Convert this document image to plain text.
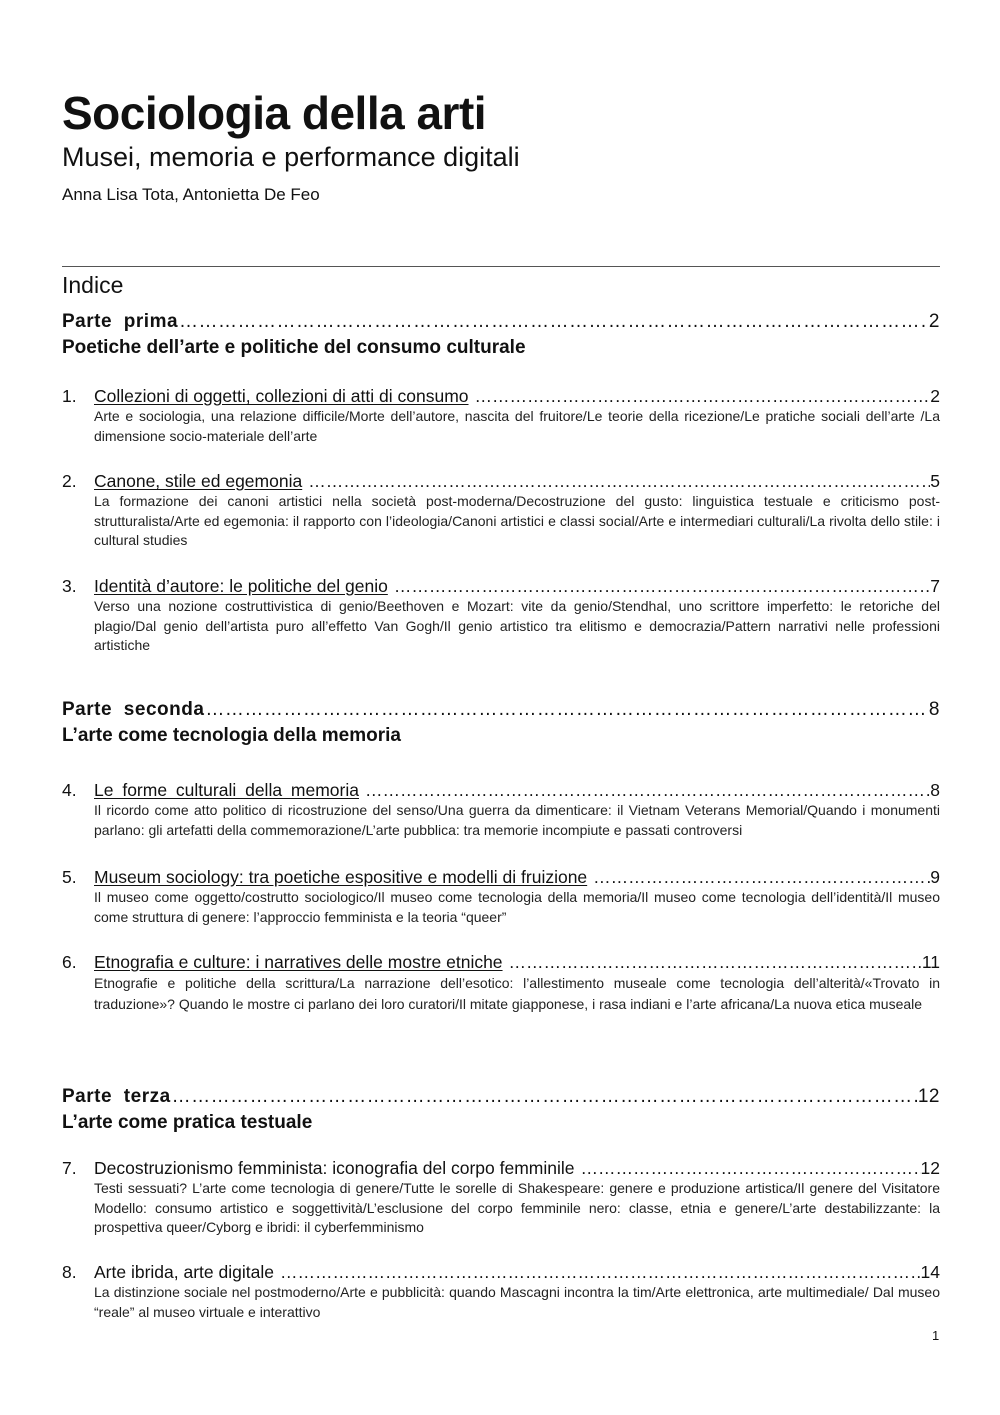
Sociologia della arti
Musei, memoria e performance digitali

Anna Lisa Tota, Antonietta De Feo

Indice

Parte prima ……………………………………………………………………………………………………………………………………………………………………………………	2
Poetiche dell’arte e politiche del consumo culturale
1. Collezioni di oggetti, collezioni di atti di consumo ……………………………………………………………………………………………………………………………………………………………………………………	2
Arte e sociologia, una relazione difficile/Morte dell’autore, nascita del fruitore/Le teorie della ricezione/Le pratiche sociali dell’arte /La dimensione socio-materiale dell’arte
2. Canone, stile ed egemonia ……………………………………………………………………………………………………………………………………………………………………………………	5
La formazione dei canoni artistici nella società post-moderna/Decostruzione del gusto: linguistica testuale e criticismo post-strutturalista/Arte ed egemonia: il rapporto con l’ideologia/Canoni artistici e classi social/Arte e intermediari culturali/La rivolta dello stile: i cultural studies
3. Identità d’autore: le politiche del genio ……………………………………………………………………………………………………………………………………………………………………………………	7
Verso una nozione costruttivistica di genio/Beethoven e Mozart: vite da genio/Stendhal, uno scrittore imperfetto: le retoriche del plagio/Dal genio dell’artista puro all’effetto Van Gogh/Il genio artistico tra elitismo e democrazia/Pattern narrativi nelle professioni artistiche
Parte seconda ……………………………………………………………………………………………………………………………………………………………………………………	8
L’arte come tecnologia della memoria
4. Le forme culturali della memoria ……………………………………………………………………………………………………………………………………………………………………………………	8
Il ricordo come atto politico di ricostruzione del senso/Una guerra da dimenticare: il Vietnam Veterans Memorial/Quando i monumenti parlano: gli artefatti della commemorazione/L’arte pubblica: tra memorie incompiute e passati controversi
5. Museum sociology: tra poetiche espositive e modelli di fruizione ……………………………………………………………………………………………………………………………………………………………………………………	9
Il museo come oggetto/costrutto sociologico/Il museo come tecnologia della memoria/Il museo come tecnologia dell’identità/Il museo come struttura di genere: l’approccio femminista e la teoria “queer”
6. Etnografia e culture: i narratives delle mostre etniche ……………………………………………………………………………………………………………………………………………………………………………………	11
Etnografie e politiche della scrittura/La narrazione dell’esotico: l’allestimento museale come tecnologia dell’alterità/«Trovato in traduzione»? Quando le mostre ci parlano dei loro curatori/Il mitate giapponese, i rasa indiani e l’arte africana/La nuova etica museale
Parte terza ……………………………………………………………………………………………………………………………………………………………………………………	12
L’arte come pratica testuale
7. Decostruzionismo femminista: iconografia del corpo femminile ……………………………………………………………………………………………………………………………………………………………………………………	12
Testi sessuati? L’arte come tecnologia di genere/Tutte le sorelle di Shakespeare: genere e produzione artistica/Il genere del Visitatore Modello: consumo artistico e soggettività/L’esclusione del corpo femminile nero: classe, etnia e genere/L’arte destabilizzante: la prospettiva queer/Cyborg e ibridi: il cyberfemminismo
8. Arte ibrida, arte digitale ……………………………………………………………………………………………………………………………………………………………………………………	14
La distinzione sociale nel postmoderno/Arte e pubblicità: quando Mascagni incontra la tim/Arte elettronica, arte multimediale/ Dal museo “reale” al museo virtuale e interattivo
1
